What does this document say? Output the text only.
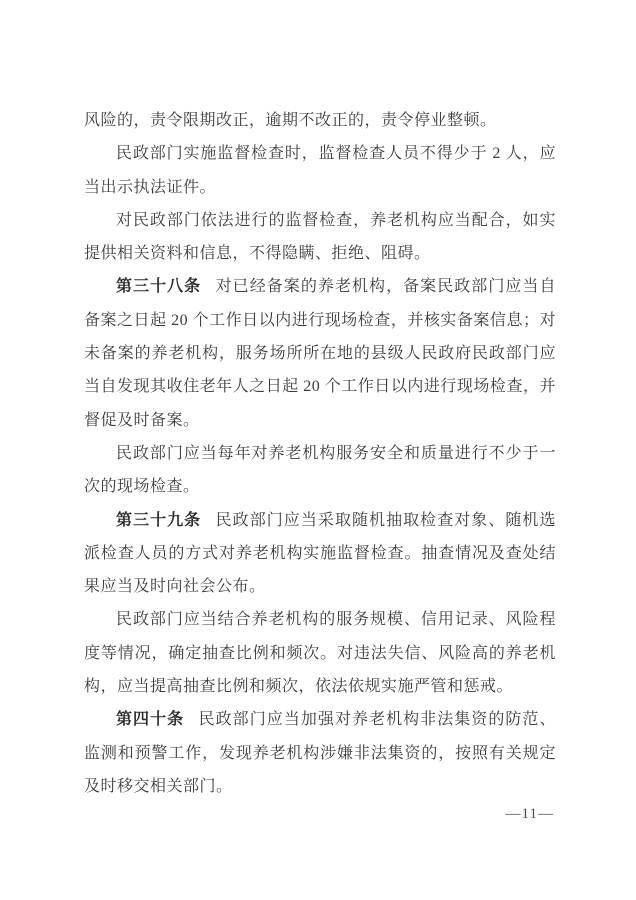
风险的，责令限期改正，逾期不改正的，责令停业整顿。

民政部门实施监督检查时，监督检查人员不得少于 2 人，应当出示执法证件。

对民政部门依法进行的监督检查，养老机构应当配合，如实提供相关资料和信息，不得隐瞒、拒绝、阻碍。

第三十八条 对已经备案的养老机构，备案民政部门应当自备案之日起 20 个工作日以内进行现场检查，并核实备案信息；对未备案的养老机构，服务场所所在地的县级人民政府民政部门应当自发现其收住老年人之日起 20 个工作日以内进行现场检查，并督促及时备案。

民政部门应当每年对养老机构服务安全和质量进行不少于一次的现场检查。

第三十九条 民政部门应当采取随机抽取检查对象、随机选派检查人员的方式对养老机构实施监督检查。抽查情况及查处结果应当及时向社会公布。

民政部门应当结合养老机构的服务规模、信用记录、风险程度等情况，确定抽查比例和频次。对违法失信、风险高的养老机构，应当提高抽查比例和频次，依法依规实施严管和惩戒。

第四十条 民政部门应当加强对养老机构非法集资的防范、监测和预警工作，发现养老机构涉嫌非法集资的，按照有关规定及时移交相关部门。

—11—
